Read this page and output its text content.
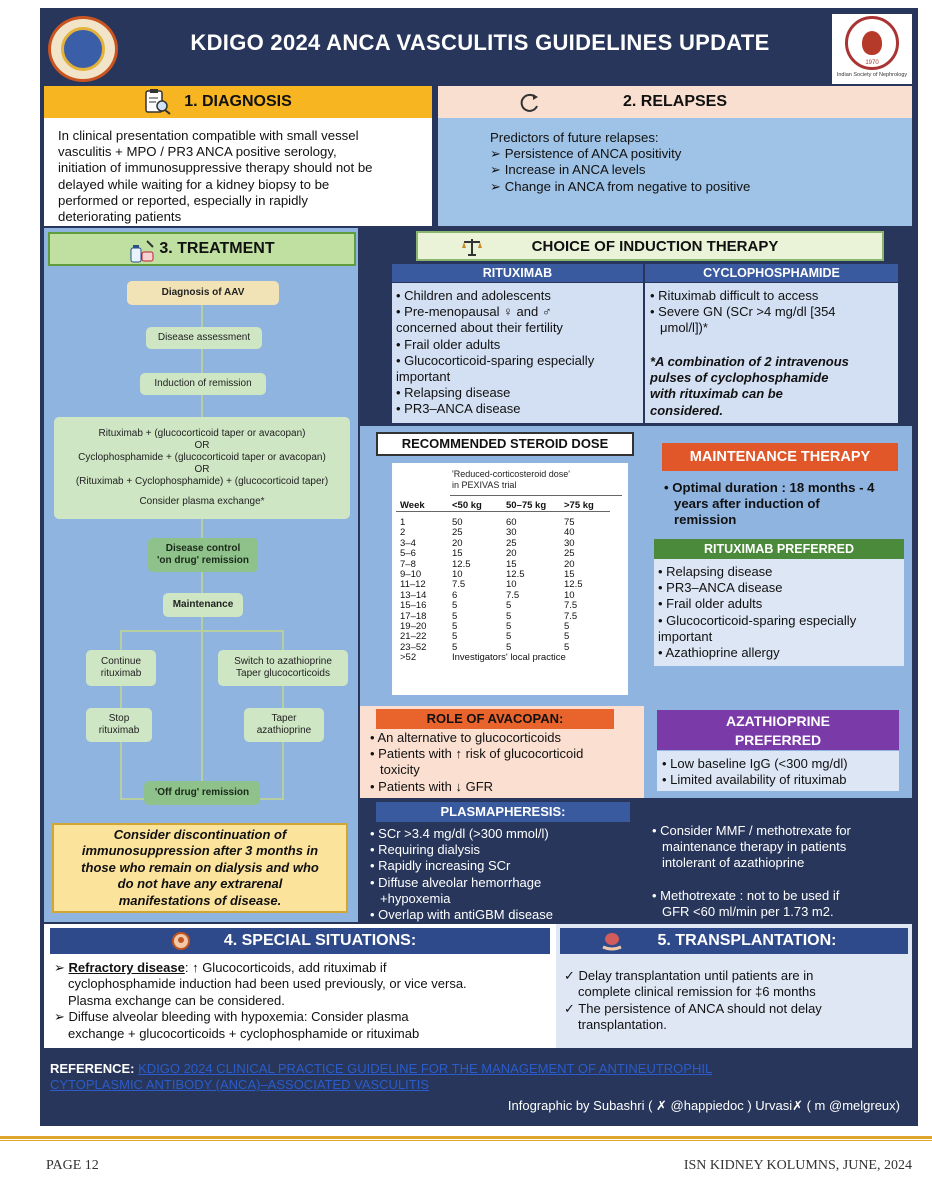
KDIGO 2024 ANCA VASCULITIS GUIDELINES UPDATE
1970
Indian Society of Nephrology
1. DIAGNOSIS
In clinical presentation compatible with small vessel
vasculitis + MPO / PR3 ANCA positive serology,
initiation of immunosuppressive therapy should not be
delayed while waiting for a kidney biopsy to be
performed or reported, especially in rapidly
deteriorating patients
2. RELAPSES
Predictors of future relapses:
➢ Persistence of ANCA positivity
➢ Increase in ANCA levels
➢ Change in ANCA from negative to positive
3. TREATMENT
Diagnosis of AAV
Disease assessment
Induction of remission
Rituximab + (glucocorticoid taper or avacopan)
OR
Cyclophosphamide + (glucocorticoid taper or avacopan)
OR
(Rituximab + Cyclophosphamide) + (glucocorticoid taper)
Consider plasma exchange*
Disease control
'on drug' remission
Maintenance
Continue
rituximab
Switch to azathioprine
Taper glucocorticoids
Stop
rituximab
Taper
azathioprine
'Off drug' remission
Consider discontinuation of
immunosuppression after 3 months in
those who remain on dialysis and who
do not have any extrarenal
manifestations of disease.
CHOICE OF INDUCTION THERAPY
RITUXIMAB	CYCLOPHOSPHAMIDE
• Children and adolescents
• Pre-menopausal ♀ and ♂
concerned about their fertility
• Frail older adults
• Glucocorticoid-sparing especially
important
• Relapsing disease
• PR3–ANCA disease
• Rituximab difficult to access
• Severe GN (SCr >4 mg/dl [354
μmol/l])*
*A combination of 2 intravenous
pulses of cyclophosphamide
with rituximab can be
considered.
RECOMMENDED STEROID DOSE
'Reduced-corticosteroid dose'
in PEXIVAS trial
Week	<50 kg	50–75 kg	>75 kg

1	50	60	75
2	25	30	40
3–4	20	25	30
5–6	15	20	25
7–8	12.5	15	20
9–10	10	12.5	15
11–12	7.5	10	12.5
13–14	6	7.5	10
15–16	5	5	7.5
17–18	5	5	7.5
19–20	5	5	5
21–22	5	5	5
23–52	5	5	5
>52	Investigators' local practice		
MAINTENANCE THERAPY
• Optimal duration : 18 months - 4
years after induction of
remission
RITUXIMAB PREFERRED
• Relapsing disease
• PR3–ANCA disease
• Frail older adults
• Glucocorticoid-sparing especially
important
• Azathioprine allergy
AZATHIOPRINE
PREFERRED
• Low baseline IgG (<300 mg/dl)
• Limited availability of rituximab
ROLE OF AVACOPAN:
• An alternative to glucocorticoids
• Patients with ↑ risk of glucocorticoid
toxicity
• Patients with ↓ GFR
PLASMAPHERESIS:
• SCr >3.4 mg/dl (>300 mmol/l)
• Requiring dialysis
• Rapidly increasing SCr
• Diffuse alveolar hemorrhage
+hypoxemia
• Overlap with antiGBM disease
• Consider MMF / methotrexate for
maintenance therapy in patients
intolerant of azathioprine
• Methotrexate : not to be used if
GFR <60 ml/min per 1.73 m2.
4. SPECIAL SITUATIONS:
➢ Refractory disease: ↑ Glucocorticoids, add rituximab if
cyclophosphamide induction had been used previously, or vice versa.
Plasma exchange can be considered.
➢ Diffuse alveolar bleeding with hypoxemia: Consider plasma
exchange + glucocorticoids + cyclophosphamide or rituximab
5. TRANSPLANTATION:
✓ Delay transplantation until patients are in
complete clinical remission for ‡6 months
✓ The persistence of ANCA should not delay
transplantation.
REFERENCE: KDIGO 2024 CLINICAL PRACTICE GUIDELINE FOR THE MANAGEMENT OF ANTINEUTROPHIL
CYTOPLASMIC ANTIBODY (ANCA)–ASSOCIATED VASCULITIS
Infographic by Subashri ( ✗ @happiedoc ) Urvasi✗ ( m @melgreux)
PAGE 12	ISN KIDNEY KOLUMNS, JUNE, 2024
